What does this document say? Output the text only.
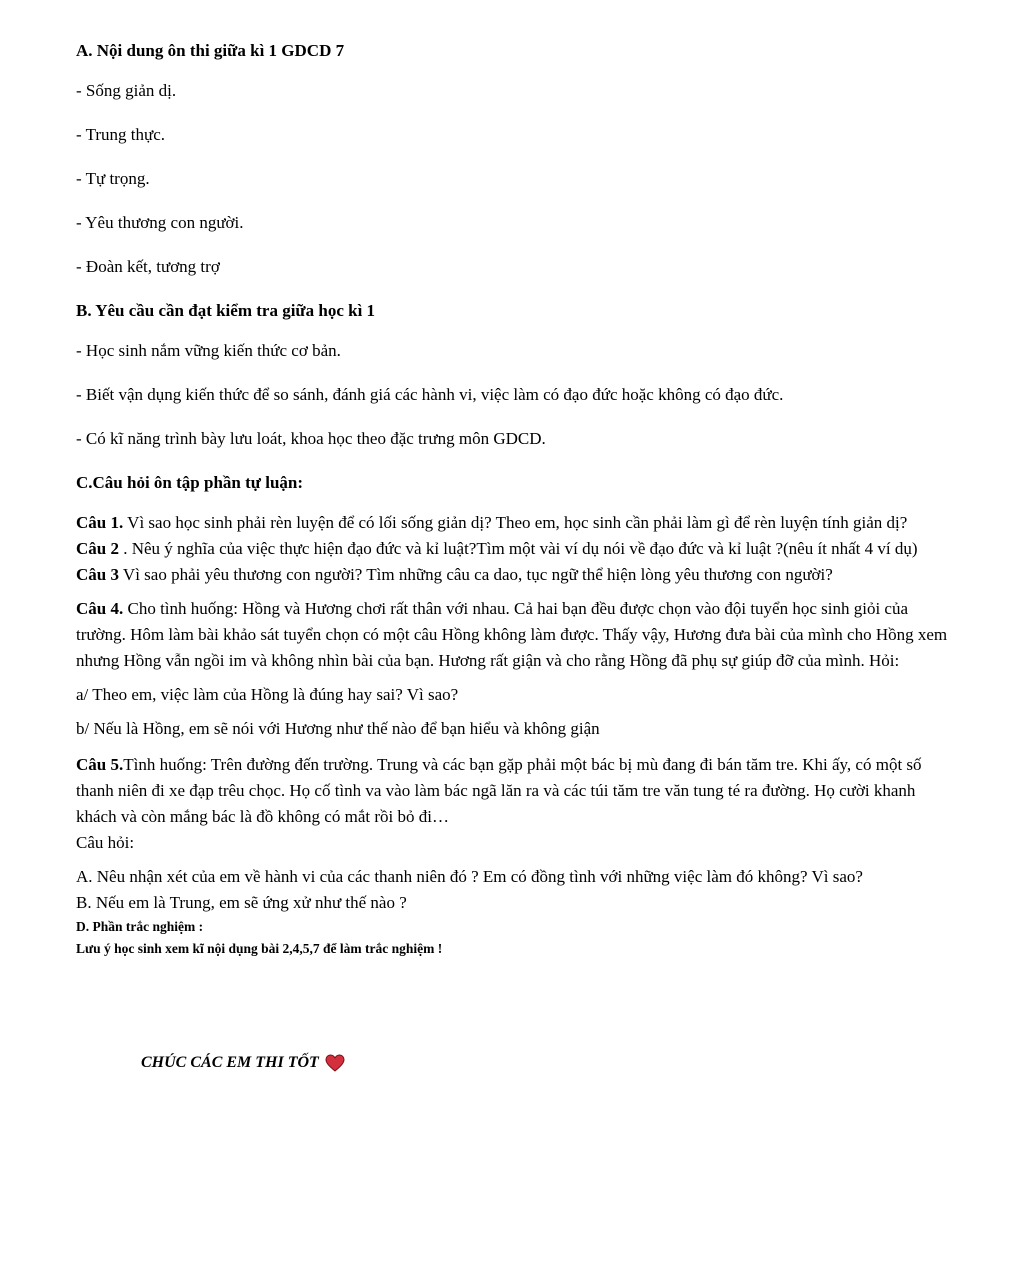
A. Nội dung ôn thi giữa kì 1 GDCD 7

- Sống giản dị.

- Trung thực.

- Tự trọng.

- Yêu thương con người.

- Đoàn kết, tương trợ

B. Yêu cầu cần đạt kiểm tra giữa học kì 1

- Học sinh nắm vững kiến thức cơ bản.

- Biết vận dụng kiến thức để so sánh, đánh giá các hành vi, việc làm có đạo đức hoặc không có đạo đức.

- Có kĩ năng trình bày lưu loát, khoa học theo đặc trưng môn GDCD.

C.Câu hỏi ôn tập phần tự luận:

Câu 1. Vì sao học sinh phải rèn luyện để có lối sống giản dị? Theo em, học sinh cần phải làm gì để rèn luyện tính giản dị?

Câu 2 . Nêu ý nghĩa của việc thực hiện đạo đức và kỉ luật?Tìm một vài ví dụ nói về đạo đức và kỉ luật ?(nêu ít nhất 4 ví dụ)

Câu 3 Vì sao phải yêu thương con người? Tìm những câu ca dao, tục ngữ thể hiện lòng yêu thương con người?

Câu 4. Cho tình huống: Hồng và Hương chơi rất thân với nhau. Cả hai bạn đều được chọn vào đội tuyển học sinh giỏi của trường. Hôm làm bài khảo sát tuyển chọn có một câu Hồng không làm được. Thấy vậy, Hương đưa bài của mình cho Hồng xem nhưng Hồng vẫn ngồi im và không nhìn bài của bạn. Hương rất giận và cho rằng Hồng đã phụ sự giúp đỡ của mình. Hỏi:

a/ Theo em, việc làm của Hồng là đúng hay sai? Vì sao?

b/ Nếu là Hồng, em sẽ nói với Hương như thế nào để bạn hiểu và không giận

Câu 5.Tình huống: Trên đường đến trường. Trung và các bạn gặp phải một bác bị mù đang đi bán tăm tre. Khi ấy, có một số thanh niên đi xe đạp trêu chọc. Họ cố tình va vào làm bác ngã lăn ra và các túi tăm tre văn tung té ra đường. Họ cười khanh khách và còn mắng bác là đồ không có mắt rồi bỏ đi…

Câu hỏi:

A. Nêu nhận xét của em về hành vi của các thanh niên đó ? Em có đồng tình với những việc làm đó không? Vì sao?

B. Nếu em là Trung, em sẽ ứng xử như thế nào ?

D. Phần trắc nghiệm :

Lưu ý học sinh xem kĩ nội dụng bài 2,4,5,7 để làm trắc nghiệm !

CHÚC CÁC EM THI TỐT
